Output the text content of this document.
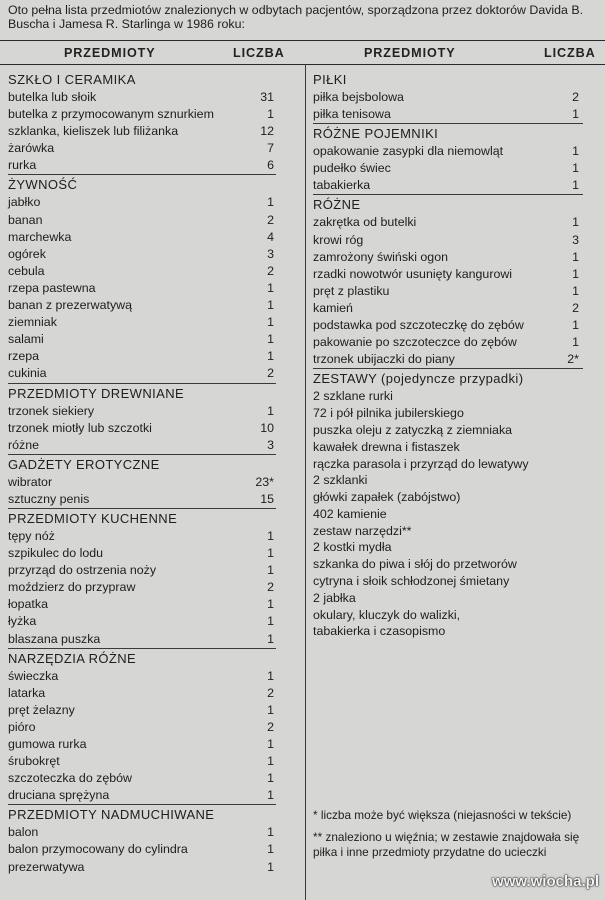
Oto pełna lista przedmiotów znalezionych w odbytach pacjentów, sporządzona przez doktorów Davida B. Buscha i Jamesa R. Starlinga w 1986 roku:
PRZEDMIOTY	LICZBA	PRZEDMIOTY	LICZBA
SZKŁO I CERAMIKA
butelka lub słoik	31
butelka z przymocowanym sznurkiem	1
szklanka, kieliszek lub filiżanka	12
żarówka	7
rurka	6
ŻYWNOŚĆ
jabłko	1
banan	2
marchewka	4
ogórek	3
cebula	2
rzepa pastewna	1
banan z prezerwatywą	1
ziemniak	1
salami	1
rzepa	1
cukinia	2
PRZEDMIOTY DREWNIANE
trzonek siekiery	1
trzonek miotły lub szczotki	10
różne	3
GADŻETY EROTYCZNE
wibrator	23*
sztuczny penis	15
PRZEDMIOTY KUCHENNE
tępy nóż	1
szpikulec do lodu	1
przyrząd do ostrzenia noży	1
moździerz do przypraw	2
łopatka	1
łyżka	1
blaszana puszka	1
NARZĘDZIA RÓŻNE
świeczka	1
latarka	2
pręt żelazny	1
pióro	2
gumowa rurka	1
śrubokręt	1
szczoteczka do zębów	1
druciana sprężyna	1
PRZEDMIOTY NADMUCHIWANE
balon	1
balon przymocowany do cylindra	1
prezerwatywa	1
PIŁKI
piłka bejsbolowa	2
piłka tenisowa	1
RÓŻNE POJEMNIKI
opakowanie zasypki dla niemowląt	1
pudełko świec	1
tabakierka	1
RÓŻNE
zakrętka od butelki	1
krowi róg	3
zamrożony świński ogon	1
rzadki nowotwór usunięty kangurowi	1
pręt z plastiku	1
kamień	2
podstawka pod szczoteczkę do zębów	1
pakowanie po szczoteczce do zębów	1
trzonek ubijaczki do piany	2*
ZESTAWY (pojedyncze przypadki)
2 szklane rurki
72 i pół pilnika jubilerskiego
puszka oleju z zatyczką z ziemniaka
kawałek drewna i fistaszek
rączka parasola i przyrząd do lewatywy
2 szklanki
główki zapałek (zabójstwo)
402 kamienie
zestaw narzędzi**
2 kostki mydła
szkanka do piwa i słój do przetworów
cytryna i słoik schłodzonej śmietany
2 jabłka
okulary, kluczyk do walizki,
tabakierka i czasopismo

* liczba może być większa (niejasności w tekście)

** znaleziono u więźnia; w zestawie znajdowała się piłka i inne przedmioty przydatne do ucieczki

www.wiocha.pl
